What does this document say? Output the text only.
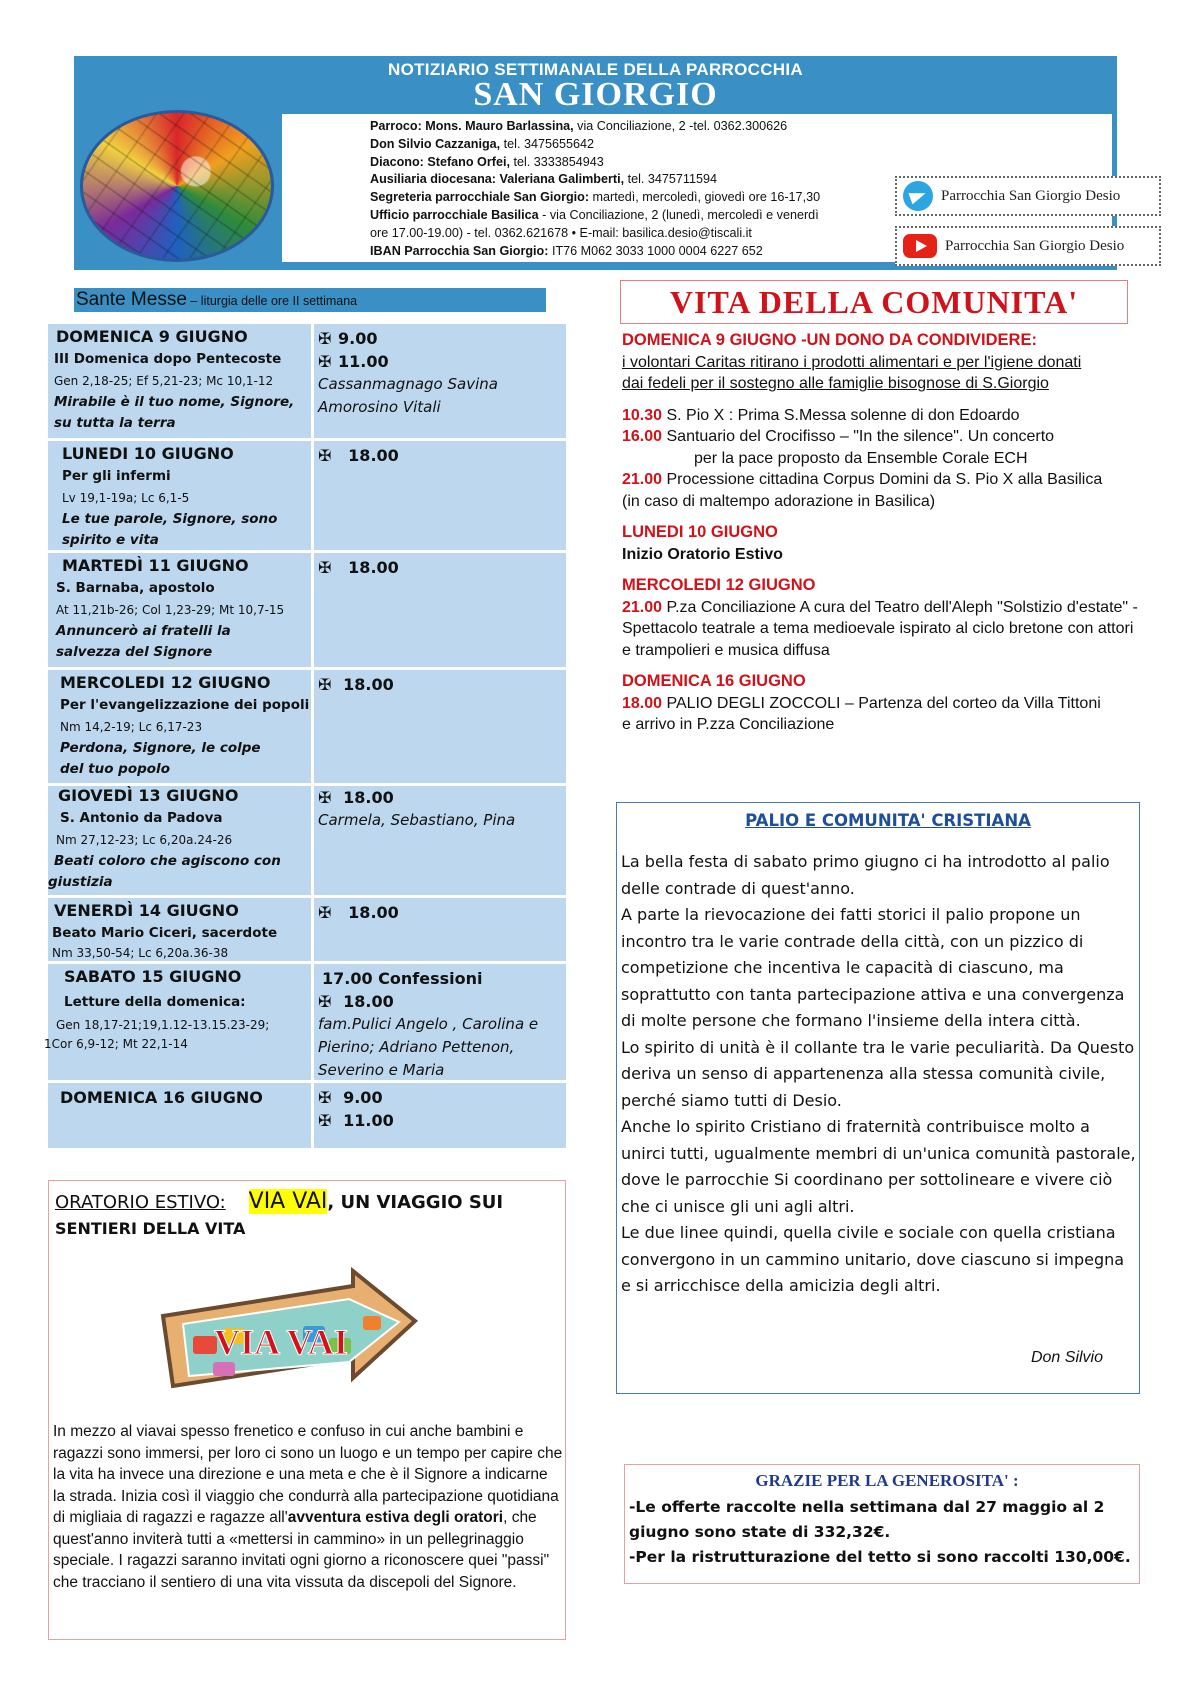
NOTIZIARIO SETTIMANALE DELLA PARROCCHIA
SAN GIORGIO
Parroco: Mons. Mauro Barlassina, via Conciliazione, 2 -tel. 0362.300626
Don Silvio Cazzaniga, tel. 3475655642
Diacono: Stefano Orfei, tel. 3333854943
Ausiliaria diocesana: Valeriana Galimberti, tel. 3475711594
Segreteria parrocchiale San Giorgio: martedì, mercoledì, giovedì ore 16-17,30
Ufficio parrocchiale Basilica - via Conciliazione, 2 (lunedì, mercoledì e venerdì
ore 17.00-19.00) - tel. 0362.621678 • E-mail: basilica.desio@tiscali.it
IBAN Parrocchia San Giorgio: IT76 M062 3033 1000 0004 6227 652
Parrocchia San Giorgio Desio
Parrocchia San Giorgio Desio
Sante Messe – liturgia delle ore II settimana
DOMENICA 9 GIUGNO
III Domenica dopo Pentecoste
Gen 2,18-25; Ef 5,21-23; Mc 10,1-12
Mirabile è il tuo nome, Signore, su tutta la terra
✠ 9.00
✠ 11.00
Cassanmagnago Savina Amorosino Vitali
LUNEDI 10 GIUGNO
Per gli infermi
Lv 19,1-19a; Lc 6,1-5
Le tue parole, Signore, sono spirito e vita
✠ 18.00
MARTEDÌ 11 GIUGNO
S. Barnaba, apostolo
At 11,21b-26; Col 1,23-29; Mt 10,7-15
Annuncerò ai fratelli la salvezza del Signore
✠ 18.00
MERCOLEDI 12 GIUGNO
Per l'evangelizzazione dei popoli
Nm 14,2-19; Lc 6,17-23
Perdona, Signore, le colpe del tuo popolo
✠ 18.00
GIOVEDÌ 13 GIUGNO
S. Antonio da Padova
Nm 27,12-23; Lc 6,20a.24-26
Beati coloro che agiscono con giustizia
✠ 18.00
Carmela, Sebastiano, Pina
VENERDÌ 14 GIUGNO
Beato Mario Ciceri, sacerdote
Nm 33,50-54; Lc 6,20a.36-38
✠ 18.00
SABATO 15 GIUGNO
Letture della domenica:
Gen 18,17-21;19,1.12-13.15.23-29;
1Cor 6,9-12; Mt 22,1-14
17.00 Confessioni
✠ 18.00
fam.Pulici Angelo , Carolina e Pierino; Adriano Pettenon, Severino e Maria
DOMENICA 16 GIUGNO	✠ 9.00
✠ 11.00
ORATORIO ESTIVO: VIA VAI, UN VIAGGIO SUI
SENTIERI DELLA VITA
VIA VAI
In mezzo al viavai spesso frenetico e confuso in cui anche bambini e ragazzi sono immersi, per loro ci sono un luogo e un tempo per capire che la vita ha invece una direzione e una meta e che è il Signore a indicarne la strada. Inizia così il viaggio che condurrà alla partecipazione quotidiana di migliaia di ragazzi e ragazze all'avventura estiva degli oratori, che quest'anno inviterà tutti a «mettersi in cammino» in un pellegrinaggio speciale. I ragazzi saranno invitati ogni giorno a riconoscere quei "passi" che tracciano il sentiero di una vita vissuta da discepoli del Signore.
VITA DELLA COMUNITA'
DOMENICA 9 GIUGNO -UN DONO DA CONDIVIDERE:
i volontari Caritas ritirano i prodotti alimentari e per l'igiene donati dai fedeli per il sostegno alle famiglie bisognose di S.Giorgio
10.30 S. Pio X : Prima S.Messa solenne di don Edoardo
16.00 Santuario del Crocifisso – "In the silence". Un concerto
per la pace proposto da Ensemble Corale ECH
21.00 Processione cittadina Corpus Domini da S. Pio X alla Basilica (in caso di maltempo adorazione in Basilica)
LUNEDI 10 GIUGNO
Inizio Oratorio Estivo
MERCOLEDI 12 GIUGNO
21.00 P.za Conciliazione A cura del Teatro dell'Aleph "Solstizio d'estate" - Spettacolo teatrale a tema medioevale ispirato al ciclo bretone con attori e trampolieri e musica diffusa
DOMENICA 16 GIUGNO
18.00 PALIO DEGLI ZOCCOLI – Partenza del corteo da Villa Tittoni e arrivo in P.zza Conciliazione
PALIO E COMUNITA' CRISTIANA
La bella festa di sabato primo giugno ci ha introdotto al palio delle contrade di quest'anno.
A parte la rievocazione dei fatti storici il palio propone un incontro tra le varie contrade della città, con un pizzico di competizione che incentiva le capacità di ciascuno, ma soprattutto con tanta partecipazione attiva e una convergenza di molte persone che formano l'insieme della intera città.
Lo spirito di unità è il collante tra le varie peculiarità. Da Questo deriva un senso di appartenenza alla stessa comunità civile, perché siamo tutti di Desio.
Anche lo spirito Cristiano di fraternità contribuisce molto a unirci tutti, ugualmente membri di un'unica comunità pastorale, dove le parrocchie Si coordinano per sottolineare e vivere ciò che ci unisce gli uni agli altri.
Le due linee quindi, quella civile e sociale con quella cristiana convergono in un cammino unitario, dove ciascuno si impegna e si arricchisce della amicizia degli altri.
Don Silvio
GRAZIE PER LA GENEROSITA' :
-Le offerte raccolte nella settimana dal 27 maggio al 2 giugno sono state di 332,32€.
-Per la ristrutturazione del tetto si sono raccolti 130,00€.
